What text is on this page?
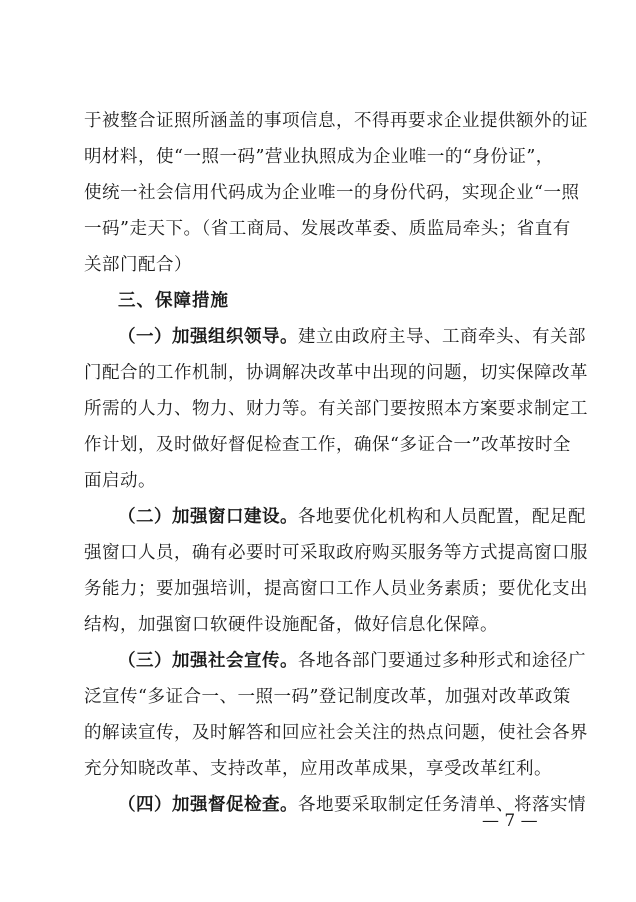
于被整合证照所涵盖的事项信息，不得再要求企业提供额外的证
明材料，使“一照一码”营业执照成为企业唯一的“身份证”，
使统一社会信用代码成为企业唯一的身份代码，实现企业“一照
一码”走天下。（省工商局、发展改革委、质监局牵头；省直有
关部门配合）
三、保障措施
（一）加强组织领导。建立由政府主导、工商牵头、有关部
门配合的工作机制，协调解决改革中出现的问题，切实保障改革
所需的人力、物力、财力等。有关部门要按照本方案要求制定工
作计划，及时做好督促检查工作，确保“多证合一”改革按时全
面启动。
（二）加强窗口建设。各地要优化机构和人员配置，配足配
强窗口人员，确有必要时可采取政府购买服务等方式提高窗口服
务能力；要加强培训，提高窗口工作人员业务素质；要优化支出
结构，加强窗口软硬件设施配备，做好信息化保障。
（三）加强社会宣传。各地各部门要通过多种形式和途径广
泛宣传“多证合一、一照一码”登记制度改革，加强对改革政策
的解读宣传，及时解答和回应社会关注的热点问题，使社会各界
充分知晓改革、支持改革，应用改革成果，享受改革红利。
（四）加强督促检查。各地要采取制定任务清单、将落实情
— 7 —
